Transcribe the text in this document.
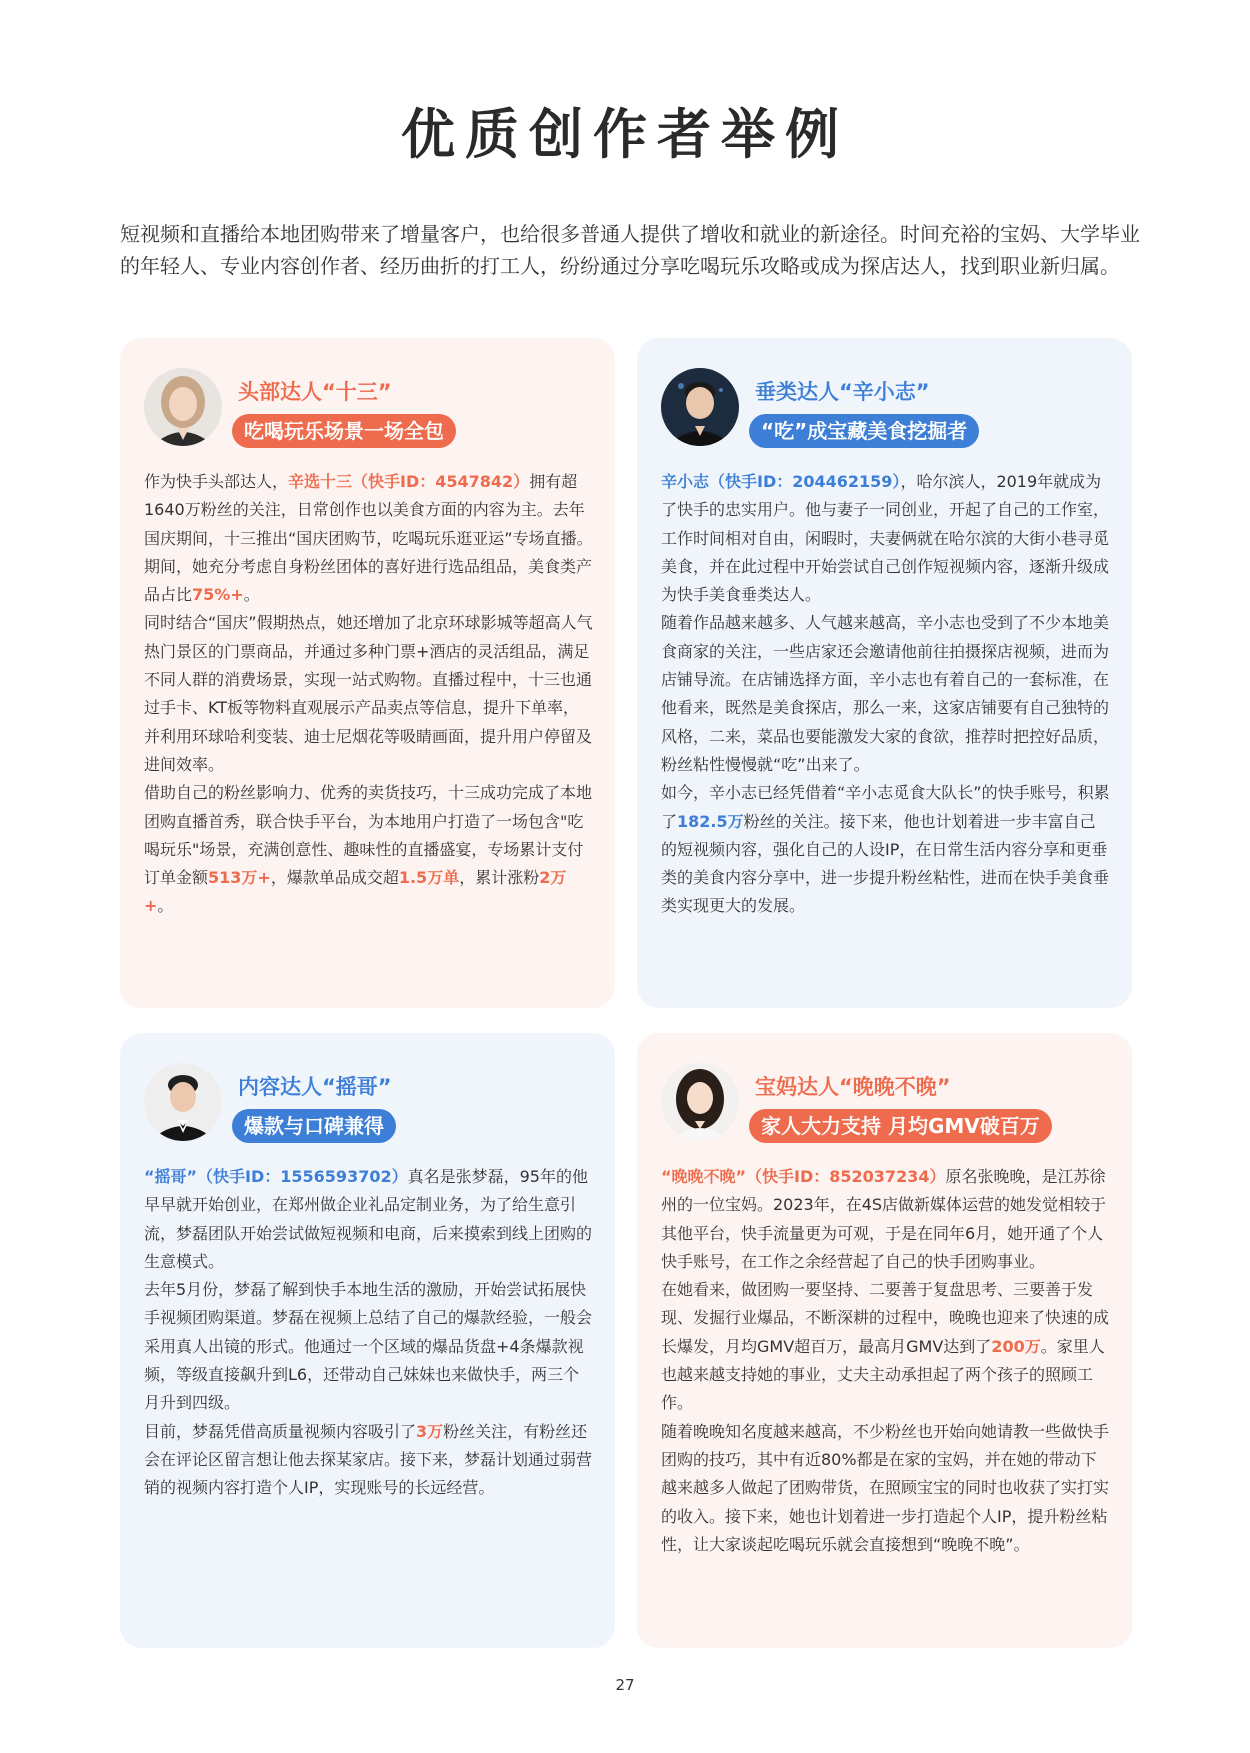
优质创作者举例

短视频和直播给本地团购带来了增量客户，也给很多普通人提供了增收和就业的新途径。时间充裕的宝妈、大学毕业的年轻人、专业内容创作者、经历曲折的打工人，纷纷通过分享吃喝玩乐攻略或成为探店达人，找到职业新归属。

头部达人“十三”

吃喝玩乐场景一场全包

作为快手头部达人，辛选十三（快手ID：4547842）拥有超1640万粉丝的关注，日常创作也以美食方面的内容为主。去年国庆期间，十三推出“国庆团购节，吃喝玩乐逛亚运”专场直播。期间，她充分考虑自身粉丝团体的喜好进行选品组品，美食类产品占比75%+。

同时结合“国庆”假期热点，她还增加了北京环球影城等超高人气热门景区的门票商品，并通过多种门票+酒店的灵活组品，满足不同人群的消费场景，实现一站式购物。直播过程中，十三也通过手卡、KT板等物料直观展示产品卖点等信息，提升下单率，并利用环球哈利变装、迪士尼烟花等吸睛画面，提升用户停留及进间效率。

借助自己的粉丝影响力、优秀的卖货技巧，十三成功完成了本地团购直播首秀，联合快手平台，为本地用户打造了一场包含"吃喝玩乐"场景，充满创意性、趣味性的直播盛宴，专场累计支付订单金额513万+，爆款单品成交超1.5万单，累计涨粉2万+。

垂类达人“辛小志”

“吃”成宝藏美食挖掘者

辛小志（快手ID：204462159），哈尔滨人，2019年就成为了快手的忠实用户。他与妻子一同创业，开起了自己的工作室，工作时间相对自由，闲暇时，夫妻俩就在哈尔滨的大街小巷寻觅美食，并在此过程中开始尝试自己创作短视频内容，逐渐升级成为快手美食垂类达人。

随着作品越来越多、人气越来越高，辛小志也受到了不少本地美食商家的关注，一些店家还会邀请他前往拍摄探店视频，进而为店铺导流。在店铺选择方面，辛小志也有着自己的一套标准，在他看来，既然是美食探店，那么一来，这家店铺要有自己独特的风格，二来，菜品也要能激发大家的食欲，推荐时把控好品质，粉丝粘性慢慢就“吃”出来了。

如今，辛小志已经凭借着“辛小志觅食大队长”的快手账号，积累了182.5万粉丝的关注。接下来，他也计划着进一步丰富自己的短视频内容，强化自己的人设IP，在日常生活内容分享和更垂类的美食内容分享中，进一步提升粉丝粘性，进而在快手美食垂类实现更大的发展。

内容达人“摇哥”

爆款与口碑兼得

“摇哥”（快手ID：1556593702）真名是张梦磊，95年的他早早就开始创业，在郑州做企业礼品定制业务，为了给生意引流，梦磊团队开始尝试做短视频和电商，后来摸索到线上团购的生意模式。

去年5月份，梦磊了解到快手本地生活的激励，开始尝试拓展快手视频团购渠道。梦磊在视频上总结了自己的爆款经验，一般会采用真人出镜的形式。他通过一个区域的爆品货盘+4条爆款视频，等级直接飙升到L6，还带动自己妹妹也来做快手，两三个月升到四级。

目前，梦磊凭借高质量视频内容吸引了3万粉丝关注，有粉丝还会在评论区留言想让他去探某家店。接下来，梦磊计划通过弱营销的视频内容打造个人IP，实现账号的长远经营。

宝妈达人“晚晚不晚”

家人大力支持 月均GMV破百万

“晚晚不晚”（快手ID：852037234）原名张晚晚，是江苏徐州的一位宝妈。2023年，在4S店做新媒体运营的她发觉相较于其他平台，快手流量更为可观，于是在同年6月，她开通了个人快手账号，在工作之余经营起了自己的快手团购事业。

在她看来，做团购一要坚持、二要善于复盘思考、三要善于发现、发掘行业爆品，不断深耕的过程中，晚晚也迎来了快速的成长爆发，月均GMV超百万，最高月GMV达到了200万。家里人也越来越支持她的事业，丈夫主动承担起了两个孩子的照顾工作。

随着晚晚知名度越来越高，不少粉丝也开始向她请教一些做快手团购的技巧，其中有近80%都是在家的宝妈，并在她的带动下越来越多人做起了团购带货，在照顾宝宝的同时也收获了实打实的收入。接下来，她也计划着进一步打造起个人IP，提升粉丝粘性，让大家谈起吃喝玩乐就会直接想到“晚晚不晚”。

27
